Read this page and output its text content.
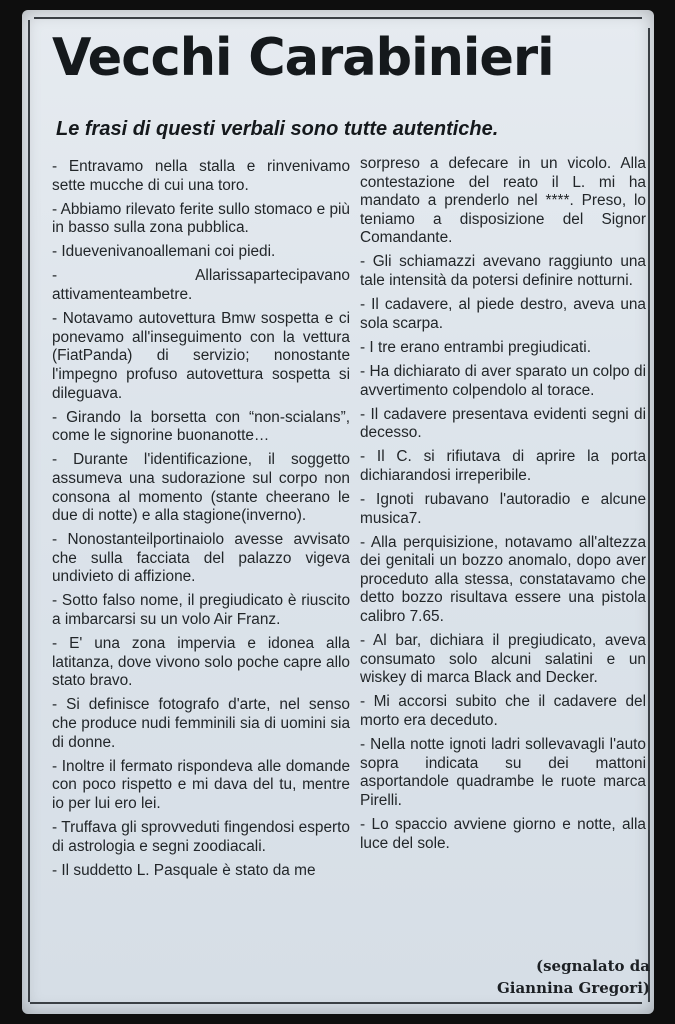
Vecchi Carabinieri
Le frasi di questi verbali sono tutte autentiche.

- Entravamo nella stalla e rinvenivamo sette mucche di cui una toro.

- Abbiamo rilevato ferite sullo stomaco e più in basso sulla zona pubblica.

- Iduevenivanoallemani coi piedi.

- Allarissapartecipavano attivamenteambetre.

- Notavamo autovettura Bmw sospetta e ci ponevamo all'inseguimento con la vettura (FiatPanda) di servizio; nonostante l'impegno profuso autovettura sospetta si dileguava.

- Girando la borsetta con “non-scialans”, come le signorine buonanotte…

- Durante l'identificazione, il soggetto assumeva una sudorazione sul corpo non consona al momento (stante cheerano le due di notte) e alla stagione(inverno).

- Nonostanteilportinaiolo avesse avvisato che sulla facciata del palazzo vigeva undivieto di affizione.

- Sotto falso nome, il pregiudicato è riuscito a imbarcarsi su un volo Air Franz.

- E' una zona impervia e idonea alla latitanza, dove vivono solo poche capre allo stato bravo.

- Si definisce fotografo d'arte, nel senso che produce nudi femminili sia di uomini sia di donne.

- Inoltre il fermato rispondeva alle domande con poco rispetto e mi dava del tu, mentre io per lui ero lei.

- Truffava gli sprovveduti fingendosi esperto di astrologia e segni zoodiacali.

- Il suddetto L. Pasquale è stato da me

sorpreso a defecare in un vicolo. Alla contestazione del reato il L. mi ha mandato a prenderlo nel ****. Preso, lo teniamo a disposizione del Signor Comandante.

- Gli schiamazzi avevano raggiunto una tale intensità da potersi definire notturni.

- Il cadavere, al piede destro, aveva una sola scarpa.

- I tre erano entrambi pregiudicati.

- Ha dichiarato di aver sparato un colpo di avvertimento colpendolo al torace.

- Il cadavere presentava evidenti segni di decesso.

- Il C. si rifiutava di aprire la porta dichiarandosi irreperibile.

- Ignoti rubavano l'autoradio e alcune musica7.

- Alla perquisizione, notavamo all'altezza dei genitali un bozzo anomalo, dopo aver proceduto alla stessa, constatavamo che detto bozzo risultava essere una pistola calibro 7.65.

- Al bar, dichiara il pregiudicato, aveva consumato solo alcuni salatini e un wiskey di marca Black and Decker.

- Mi accorsi subito che il cadavere del morto era deceduto.

- Nella notte ignoti ladri sollevavagli l'auto sopra indicata su dei mattoni asportandole quadrambe le ruote marca Pirelli.

- Lo spaccio avviene giorno e notte, alla luce del sole.

(segnalato da
Giannina Gregori)
